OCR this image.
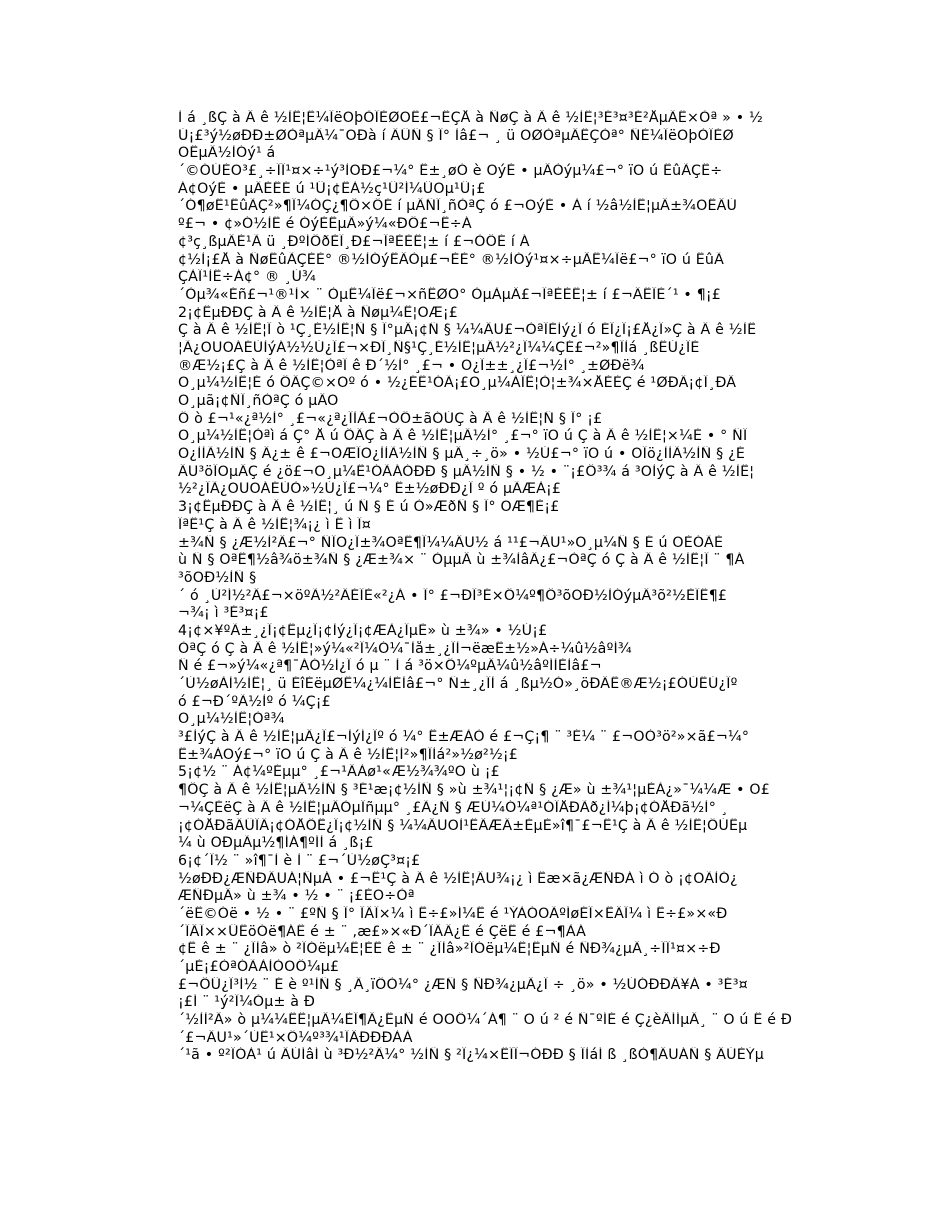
Ì á ¸ßÇ à Ä ê ½ÌÊ¦Ë¼ÏëÖþÒÎÈØÖÊ£¬ÊÇÅ à ÑøÇ à Ä ê ½ÌÊ¦³É³¤³É²ÅµÄÊ×Òª » • ½
Ú¡£³ý½øÐÐ±ØÒªµÄ¼¯ÖÐà í ÂÛÑ § Ï° Ìâ£¬ ¸ ü ÖØÒªµÄÊÇÒª° ÑÈ¼ÏëÖþÒÎÈØ
ÖÊµÄ½ÌÓý¹ á
´©ÓÚÈÕ³£¸÷ÏÎ¹¤×÷¹ý³ÌÖÐ£¬¼° Ê±¸øÓ è ÕýÈ • µÄÒýµ¼£¬° ïÖ ú ËûÃÇÊ÷
Á¢ÕýÈ • µÄÈËÉ ú ¹Û¡¢ÊÀ½ç¹Û²Í¼ÛÖµ¹Û¡£
´Ó¶øÊ¹ËûÃÇ²»¶Ï¼ÓÇ¿¶Ô×ÔÉ í µÄÑÏ¸ñÒªÇ ó £¬ÕýÈ • À í ½â½ÌÊ¦µÄ±¾ÖÊÄÚ
º£¬ • ¢»Ó½ÌÊ é ÓýÈËµÄ»ý¼«ÐÔ£¬Ê÷Á
¢³ç¸ßµÄÈ¹Ã ü ¸ÐºÍÔðÈÎ¸Ð£¬ÎªÈÈÊ¦± í £¬ÒÔÉ í Á
¢½Ì¡£Å à ÑøËûÃÇÈÈ° ®½ÌÓýÊÂÒµ£¬ÈÈ° ®½ÌÓý¹¤×÷µÄË¼Ïë£¬° ïÖ ú ËûÃ
ÇÀÎ¹ÌÊ÷Á¢° ® ¸Ú¾
´Òµ¾«Éñ£¬¹®¹Ì× ¨ ÒµË¼Ïë£¬×ñÊØÖ° ÒµÀµÂ£¬ÎªÈÈÊ¦± í £¬ÂÊÏÈ´¹ • ¶¡£
2¡¢ÊµÐÐÇ à Ä ê ½ÌÊ¦Å à Ñøµ¼Ê¦ÖÆ¡£
Ç à Ä ê ½ÌÊ¦Ï ò ¹Ç¸É½ÌÊ¦Ñ § Ï°µÄ¡¢Ñ § ¼¼ÄÜ£¬ÒªÏÈÌý¿Î ó ÉÏ¿Î¡£Å¿Î»Ç à Ä ê ½ÌÊ
¦Ã¿ÖÜÖÁÉÙÌýÁ½½Ú¿Î£¬×ÐÏ¸Ñ§¹Ç¸É½ÌÊ¦µÄ½²¿Î¼¼ÇÉ£¬²»¶ÏÌá ¸ßÊÚ¿ÎÈ
®Æ½¡£Ç à Ä ê ½ÌÊ¦ÒªÏ ê Ð´½Ì° ¸£¬ • Ö¿Î±±¸¿Î£¬½Ì° ¸±ØÐë¾
Ö¸µ¼½ÌÊ¦É ó ÔÄÇ©×Öº ó • ½¿ÉÊ¹ÓÃ¡£Ö¸µ¼ÀÎÊ¦Ò¦±¾×ÅÈÈÇ é ¹ØÐÄ¡¢Ï¸ÐÄ
Ö¸µã¡¢ÑÏ¸ñÒªÇ ó µÄÖ
Ô ò £¬¹«¿ª½Ì° ¸£¬«¿ª¿ÎÌÃ£¬ÒÔ±ãÓÚÇ à Ä ê ½ÌÊ¦Ñ § Ï° ¡£
Ö¸µ¼½ÌÊ¦Òªì á Ç° Å ú ÔÄÇ à Ä ê ½ÌÊ¦µÄ½Ì° ¸£¬° ïÖ ú Ç à Ä ê ½ÌÊ¦×¼È • ° ÑÎ
Õ¿ÌÌÃ½ÌÑ § Ä¿± ê £¬ÕÆÎÕ¿ÌÌÃ½ÌÑ § µÄ¸÷¸ö» • ½Ú£¬° ïÖ ú • ÕÎö¿ÌÌÃ½ÌÑ § ¿É
ÄÜ³öÏÖµÄÇ é ¿ö£¬Ö¸µ¼Ê¹ÓÃÁÓÐÐ § µÄ½ÌÑ § • ½ • ¨¡£Ô³¾ á ³ÖÌýÇ à Ä ê ½ÌÊ¦
½²¿ÎÃ¿ÖÜÖÁÉÙÒ»½Ú¿Î£¬¼° Ê±½øÐÐ¿Î º ó µÃÆÀ¡£
3¡¢ÊµÐÐÇ à Ä ê ½ÌÊ¦¸ ú Ñ § É ú Ò»ÆðÑ § Ï° ÖÆ¶È¡£
ÎªÊ¹Ç à Ä ê ½ÌÊ¦¾¡¿ ì Ê ì Ï¤
±¾Ñ § ¿Æ½Ì²Ä£¬° ÑÎÕ¿Î±¾ÖªÊ¶Ï¼¼ÄÜ½ á ¹¹£¬ÄÜ¹»Ö¸µ¼Ñ § É ú ÕÈÓÃÈ
ù Ñ § ÖªÊ¶½â¾ö±¾Ñ § ¿Æ±¾× ¨ ÒµµÄ ù ±¾ÌâÄ¿£¬ÒªÇ ó Ç à Ä ê ½ÌÊ¦Ï ¨ ¶Á
³õÖÐ½ÌÑ §
´ ó ¸Ù²Í½²Ä£¬×öºÃ½²ÄÉÏÈ«²¿Á • Ï° £¬ÐÎ³É×Ô¼º¶Ô³õÖÐ½ÌÓýµÄ³õ²½ÈÏÊ¶£
¬¾¡ ì ³É³¤¡£
4¡¢×¥ºÃ±¸¿Î¡¢Ëµ¿Î¡¢Ìý¿Î¡¢ÆÀ¿ÎµÈ» ù ±¾» • ½Ú¡£
ÒªÇ ó Ç à Ä ê ½ÌÊ¦»ý¼«²Î¼Ó¼¯Ìå±¸¿ÎÌ¬ëæÊ±½»Á÷¼û½âºÍ¾
Ñ é £¬»ý¼«¿ª¶¯ÁÓ½Ì¿Î ó µ ¨ Ì á ³ö×Ô¼ºµÄ¼û½âºÍÌÈÌâ£¬
´Ù½øÀÌ½ÌÊ¦¸ ü ÉîÈëµØË¼¿¼ÌÈÌâ£¬° Ñ±¸¿ÎÌ á ¸ßµ½Ò»¸öÐÂË®Æ½¡£ÓÚÊÚ¿Îº
ó £¬Ð´ºÃ½Ìº ó ¼Ç¡£
Ö¸µ¼½ÌÊ¦Òª¾
³£ÌýÇ à Ä ê ½ÌÊ¦µÄ¿Î£¬ÌýÍ¿Îº ó ¼° Ê±ÆÀÒ é £¬Ç¡¶ ¨ ³É¼ ¨ £¬ÕÒ³ö²»×ã£¬¼°
Ê±¾ÀÕý£¬° ïÖ ú Ç à Ä ê ½ÌÊ¦Ì²»¶ÏÌá²»½ø²½¡£
5¡¢½ ¨ Á¢¼ºÉµµ° ¸£¬¹ÄÀø¹«Æ½¾¾ºÕ ù ¡£
¶ÔÇ à Ä ê ½ÌÊ¦µÄ½ÌÑ § ³É¹æ¡¢½ÌÑ § »ù ±¾¹¦¡¢Ñ § ¿Æ» ù ±¾¹¦µÈÀ¿»¯¼¼Æ • Ö£
¬¼ÇÈëÇ à Ä ê ½ÌÊ¦µÄÒµÎñµµ° ¸£Ã¿Ñ § ÆÚ¼Ó¼ª¹ÓÎÅÐÃð¿Í¼þ¡¢ÓÅÐã½Ì° ¸
¡¢ÓÅÐãÂÛÎÄ¡¢ÓÅÔÊ¿Î¡¢½ÌÑ § ¼¼ÄÜÕÌ¹ÊÂÆÄ±ÈµÈ»î¶¯£¬Ê¹Ç à Ä ê ½ÌÊ¦ÔÚÊµ
¼ ù ÖÐµÃµ½¶ÍÁ¶ºÍÌ á ¸ß¡£
6¡¢´Î½ ¨ »î¶¯Ì è Ì ¨ £¬´Ù½øÇ³¤¡£
½øÐÐ¿ÆÑÐÄÜÁ¦ÑµÁ • £¬Ê¹Ç à Ä ê ½ÌÊ¦ÄÜ¾¡¿ ì Êæ×ã¿ÆÑÐÁ ì Ó ò ¡¢ÕÃÌÓ¿
ÆÑÐµÄ» ù ±¾ • ½ • ¨ ¡£ÈÕ÷Òª
´ëÊ©Óë • ½ • ¨ £ºÑ § Ï° ÏÂÏ×¼ ì Ë÷£»Í¼Ê é ¹ÝÀÓÖÃºÍøÉÏ×ÊÂÏ¼ ì Ë÷£»×«Ð
´ÎÄÏ××ÛÊöÓë¶ÁÊ é ± ¨ ,æ£»×«Ð´ÎÄÂ¿Ê é ÇëÊ é £¬¶ÀÁ
¢Ë ê ± ¨ ¿ÎÌâ» ò ²ÎÓëµ¼Ê¦ÈË ê ± ¨ ¿ÎÌâ»²ÎÓëµ¼Ê¦ÊµÑ é ÑÐ¾¿µÄ¸÷ÏÎ¹¤×÷Ð
´µÈ¡£ÒªÓÃÀÌÒÕÔ¼µ£
£¬ÔÛ¿Î³Ì½ ¨ É è º¹ÌÑ § ¸Ä¸ïÔÒ¼° ¿ÆÑ § ÑÐ¾¿µÄ¿Î ÷ ¸ö» • ½ÚÓÐÐÄ¥Á • ³É³¤
¡£Í ¨ ¹ý²Î¼Óµ± à Ð
´½ÌÌ²Ä» ò µ¼¼ÊÊ¦µÄ¼ÈÎ¶Ä¿ÊµÑ é ÕÖÔ¼´Á¶ ¨ Ö ú ² é Ñ¯ºÍÉ é Ç¿èÄÍÍµÄ¸ ¨ Ö ú Ê é Ð
´£¬ÄÜ¹»´ÙÊ¹×Ô¼º³¾¹ÏÂÐÐÐÀÀ
´¹ã • º²ÎÓÀ¹ ú ÄÚÍâÍ ù ³Ð½²Ä¼° ½ÌÑ § ²Î¿¼×ÊÏÏ¬ÓÐÐ § ÏÌáÍ ß ¸ßÒ¶ÄÜÁÑ § ÄÚÈÝµ
